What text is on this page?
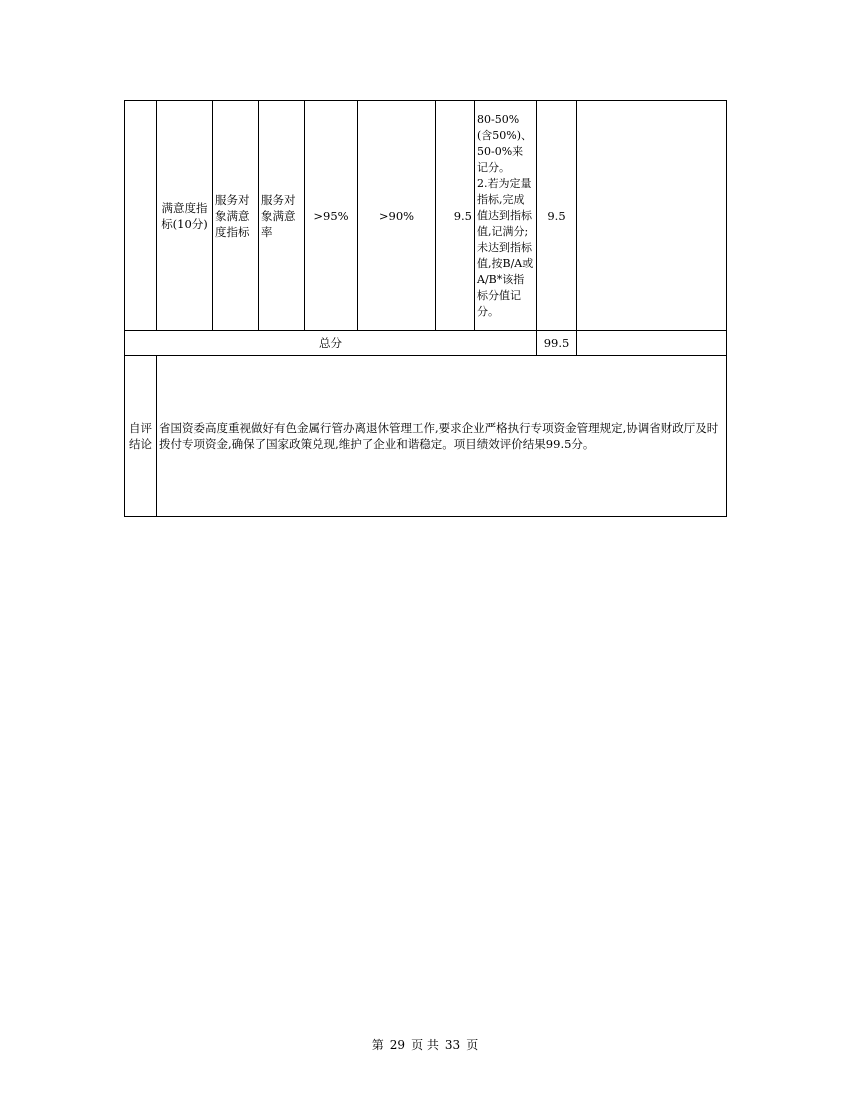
	满意度指标(10分)	服务对象满意度指标	服务对象满意率	>95%	>90%	9.5	80-50%(含50%)、
50-0%来记分。
2.若为定量指标,完成值达到指标值,记满分;未达到指标值,按B/A或A/B*该指标分值记分。	9.5	
总分								99.5	
自评结论	省国资委高度重视做好有色金属行管办离退休管理工作,要求企业严格执行专项资金管理规定,协调省财政厅及时拨付专项资金,确保了国家政策兑现,维护了企业和谐稳定。项目绩效评价结果99.5分。								
第 29 页 共 33 页
